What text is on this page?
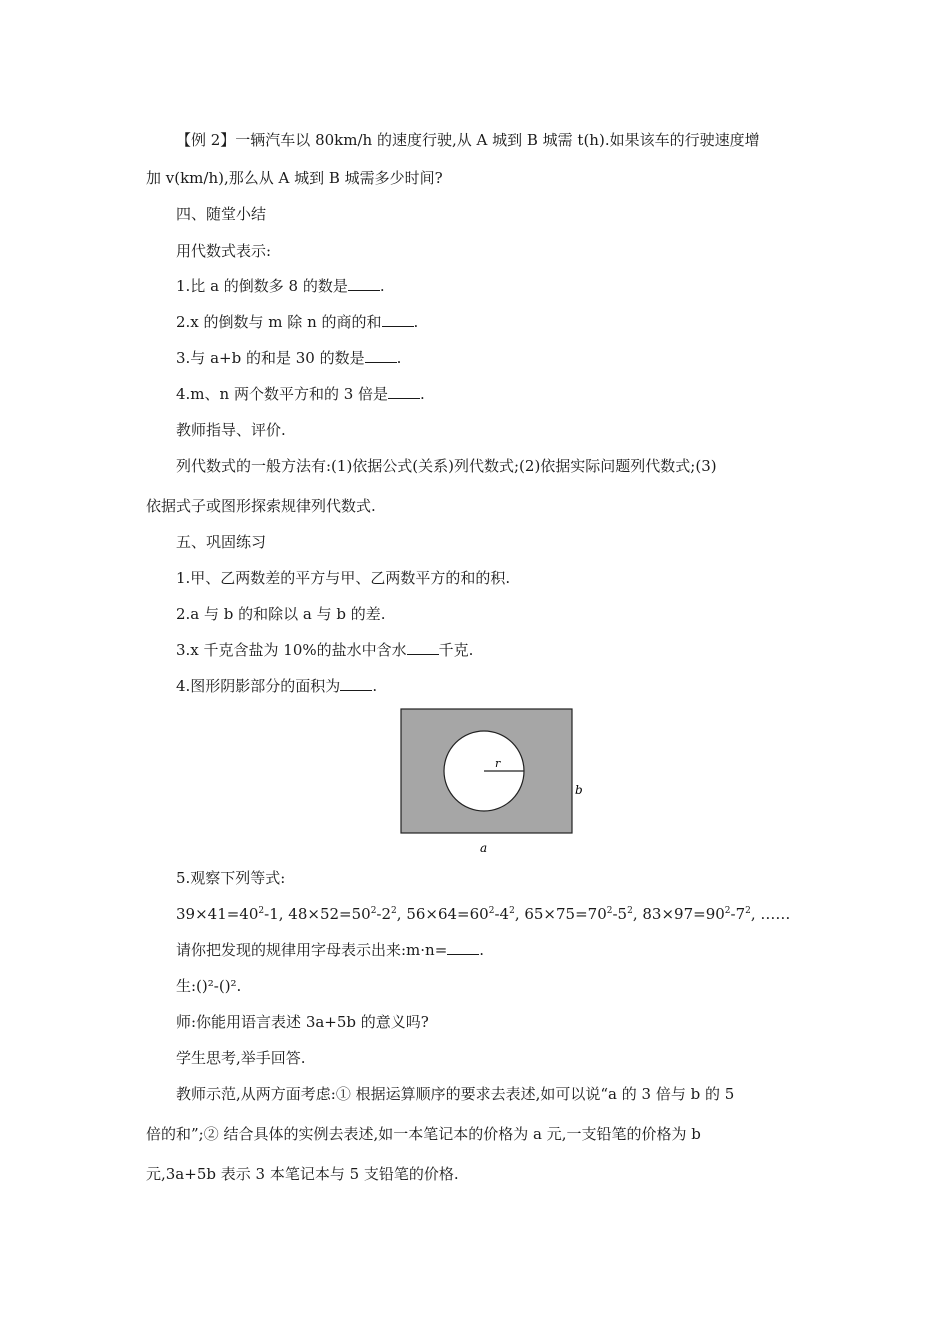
【例 2】一辆汽车以 80km/h 的速度行驶,从 A 城到 B 城需 t(h).如果该车的行驶速度增
加 v(km/h),那么从 A 城到 B 城需多少时间?
四、随堂小结
用代数式表示:
1.比 a 的倒数多 8 的数是 .
2.x 的倒数与 m 除 n 的商的和 .
3.与 a+b 的和是 30 的数是 .
4.m、n 两个数平方和的 3 倍是 .
教师指导、评价.
列代数式的一般方法有:(1)依据公式(关系)列代数式;(2)依据实际问题列代数式;(3)
依据式子或图形探索规律列代数式.
五、巩固练习
1.甲、乙两数差的平方与甲、乙两数平方的和的积.
2.a 与 b 的和除以 a 与 b 的差.
3.x 千克含盐为 10%的盐水中含水 千克.
4.图形阴影部分的面积为 .
r
b
a
5.观察下列等式:
$39\times 41=40^2-1$, $48\times 52=50^2-2^2$, $56\times 64=60^2-4^2$, $65\times 75=70^2-5^2$, $83\times 97=90^2-7^2$, ……
请你把发现的规律用字母表示出来:m·n= .
生:()²-()².
师:你能用语言表述 3a+5b 的意义吗?
学生思考,举手回答.
教师示范,从两方面考虑:① 根据运算顺序的要求去表述,如可以说“a 的 3 倍与 b 的 5
倍的和”;② 结合具体的实例去表述,如一本笔记本的价格为 a 元,一支铅笔的价格为 b
元,3a+5b 表示 3 本笔记本与 5 支铅笔的价格.
